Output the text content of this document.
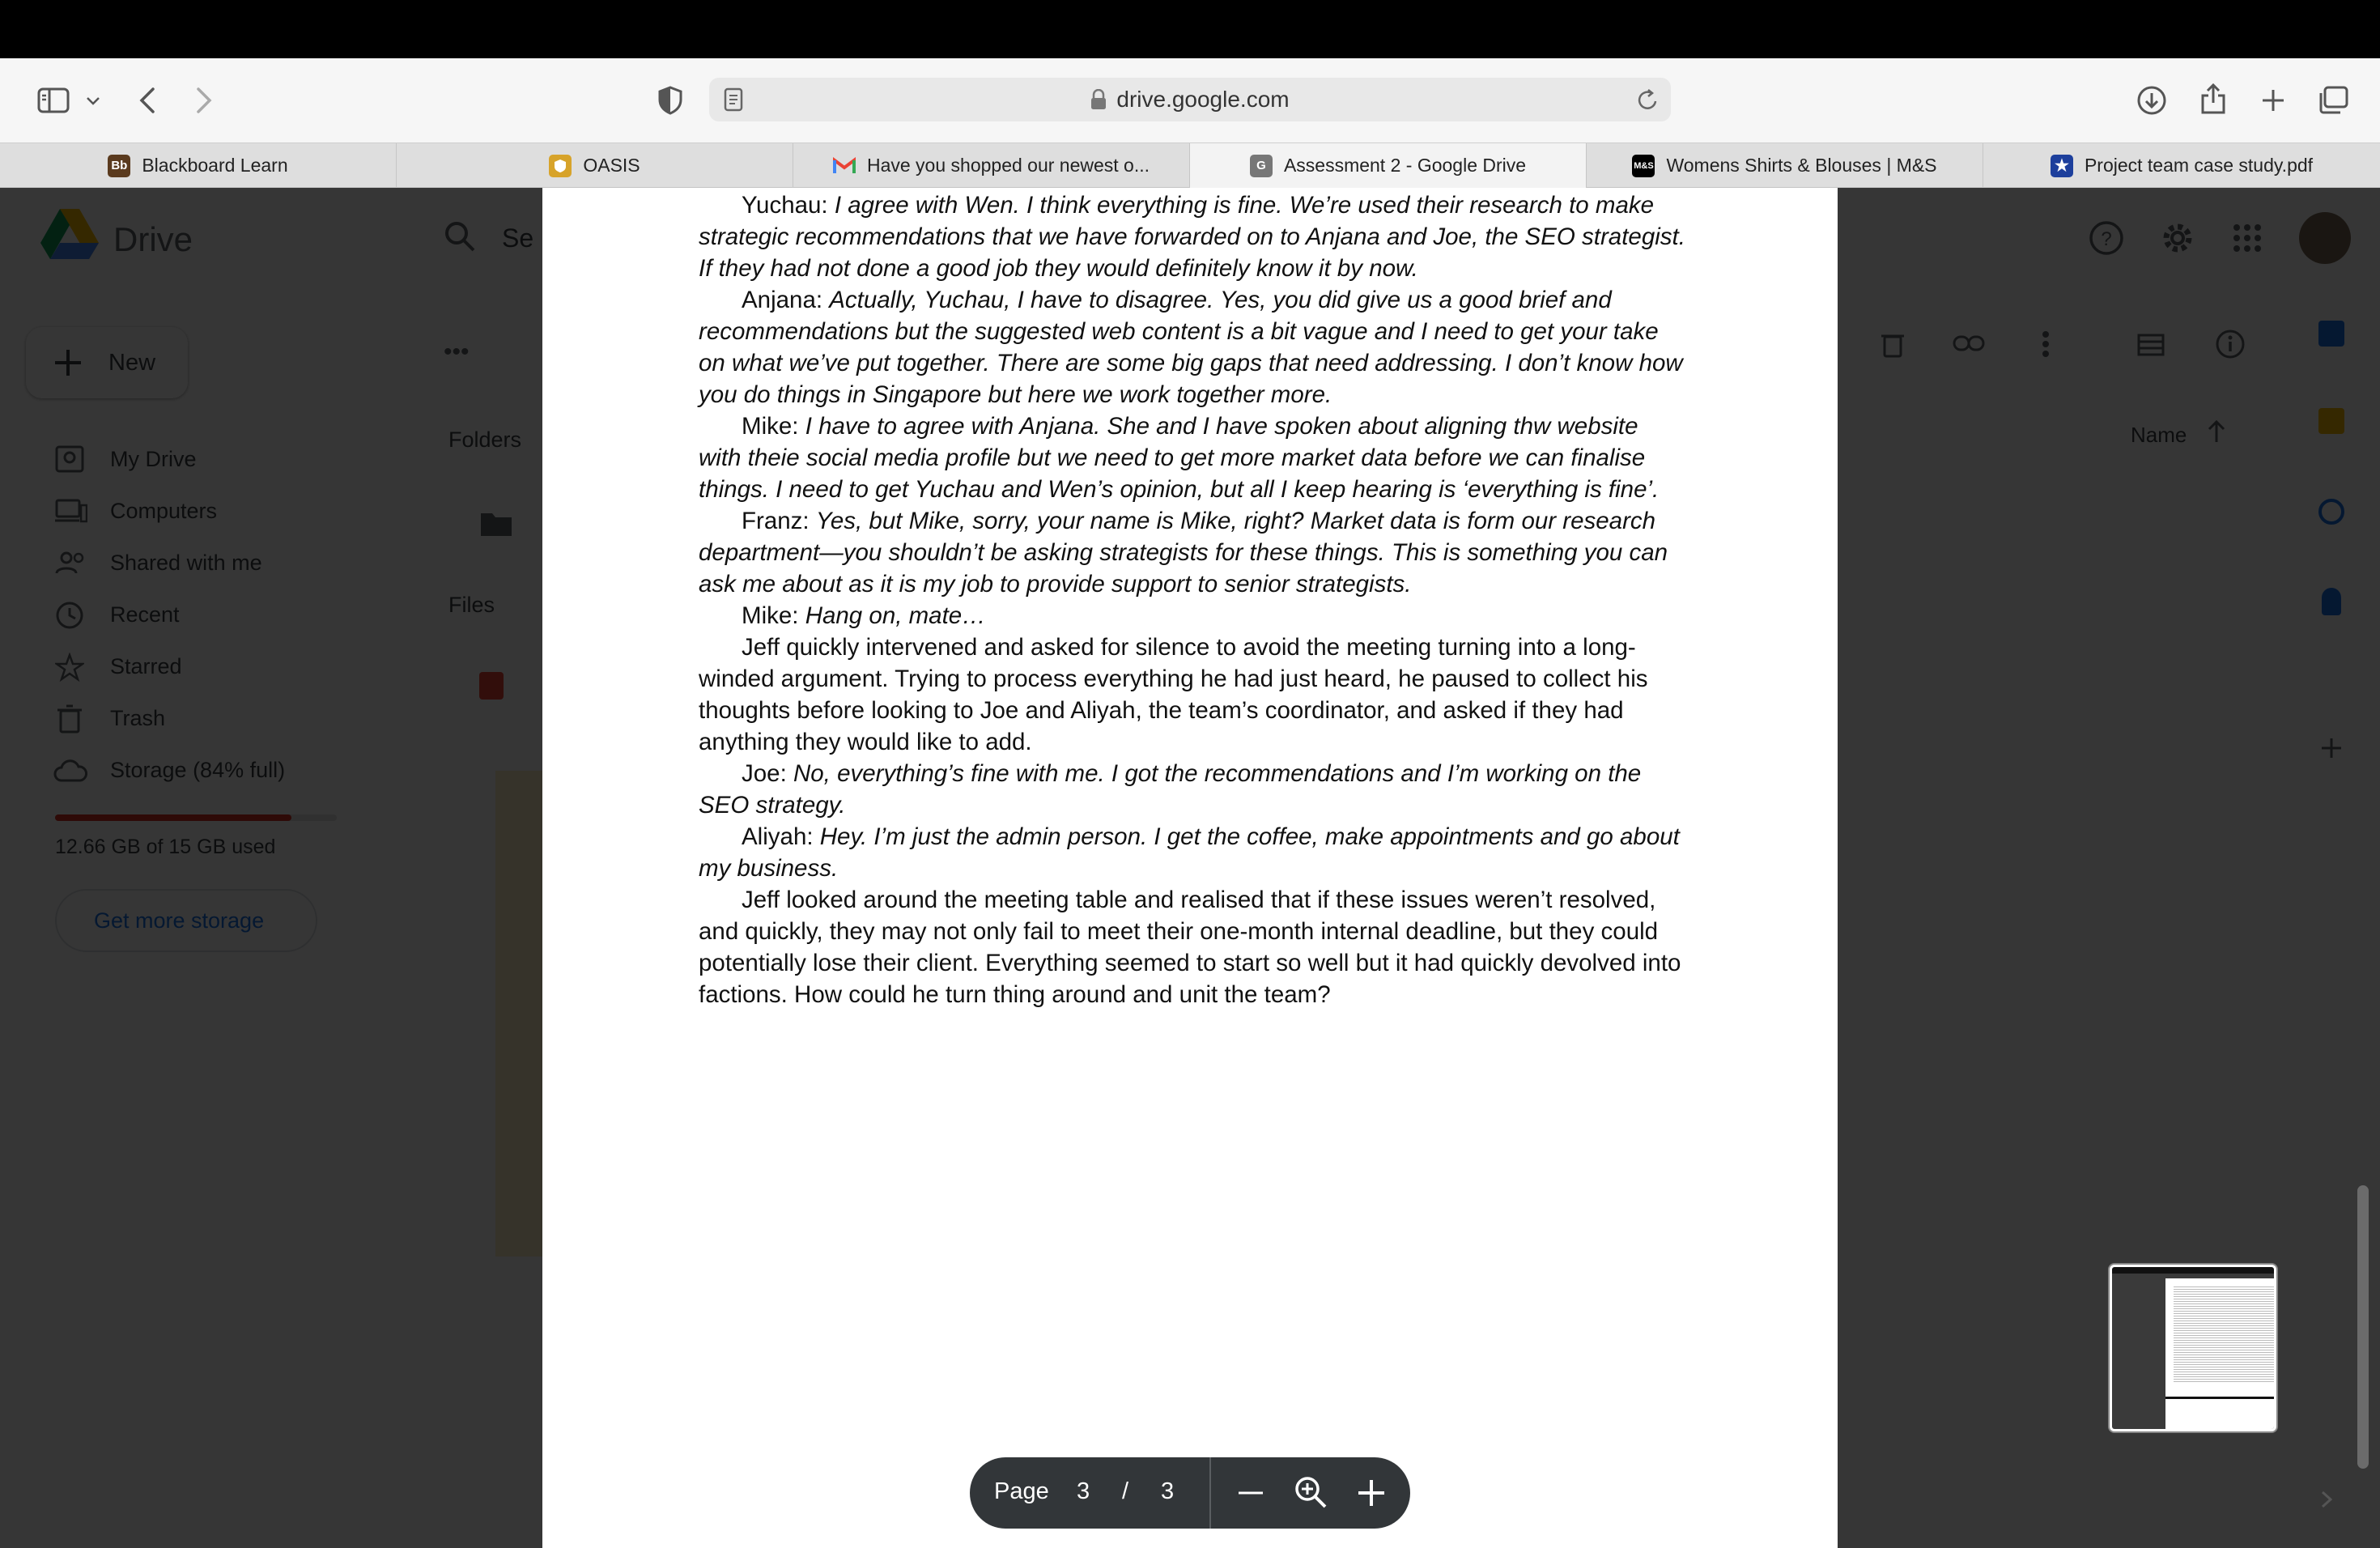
drive.google.com
Bb Blackboard Learn	OASIS	Have you shopped our newest o...	G Assessment 2 - Google Drive	M&S Womens Shirts & Blouses | M&S	★ Project team case study.pdf

Yuchau: I agree with Wen. I think everything is fine. We’re used their research to make strategic recommendations that we have forwarded on to Anjana and Joe, the SEO strategist. If they had not done a good job they would definitely know it by now.

Anjana: Actually, Yuchau, I have to disagree. Yes, you did give us a good brief and recommendations but the suggested web content is a bit vague and I need to get your take on what we’ve put together. There are some big gaps that need addressing. I don’t know how you do things in Singapore but here we work together more.

Mike: I have to agree with Anjana. She and I have spoken about aligning thw website with theie social media profile but we need to get more market data before we can finalise things. I need to get Yuchau and Wen’s opinion, but all I keep hearing is ‘everything is fine’.

Franz: Yes, but Mike, sorry, your name is Mike, right? Market data is form our research department—you shouldn’t be asking strategists for these things. This is something you can ask me about as it is my job to provide support to senior strategists.

Mike: Hang on, mate…

Jeff quickly intervened and asked for silence to avoid the meeting turning into a long-winded argument. Trying to process everything he had just heard, he paused to collect his thoughts before looking to Joe and Aliyah, the team’s coordinator, and asked if they had anything they would like to add.

Joe: No, everything’s fine with me. I got the recommendations and I’m working on the SEO strategy.

Aliyah: Hey. I’m just the admin person. I get the coffee, make appointments and go about my business.

Jeff looked around the meeting table and realised that if these issues weren’t resolved, and quickly, they may not only fail to meet their one-month internal deadline, but they could potentially lose their client. Everything seemed to start so well but it had quickly devolved into factions. How could he turn thing around and unit the team?

Page 3 / 3
